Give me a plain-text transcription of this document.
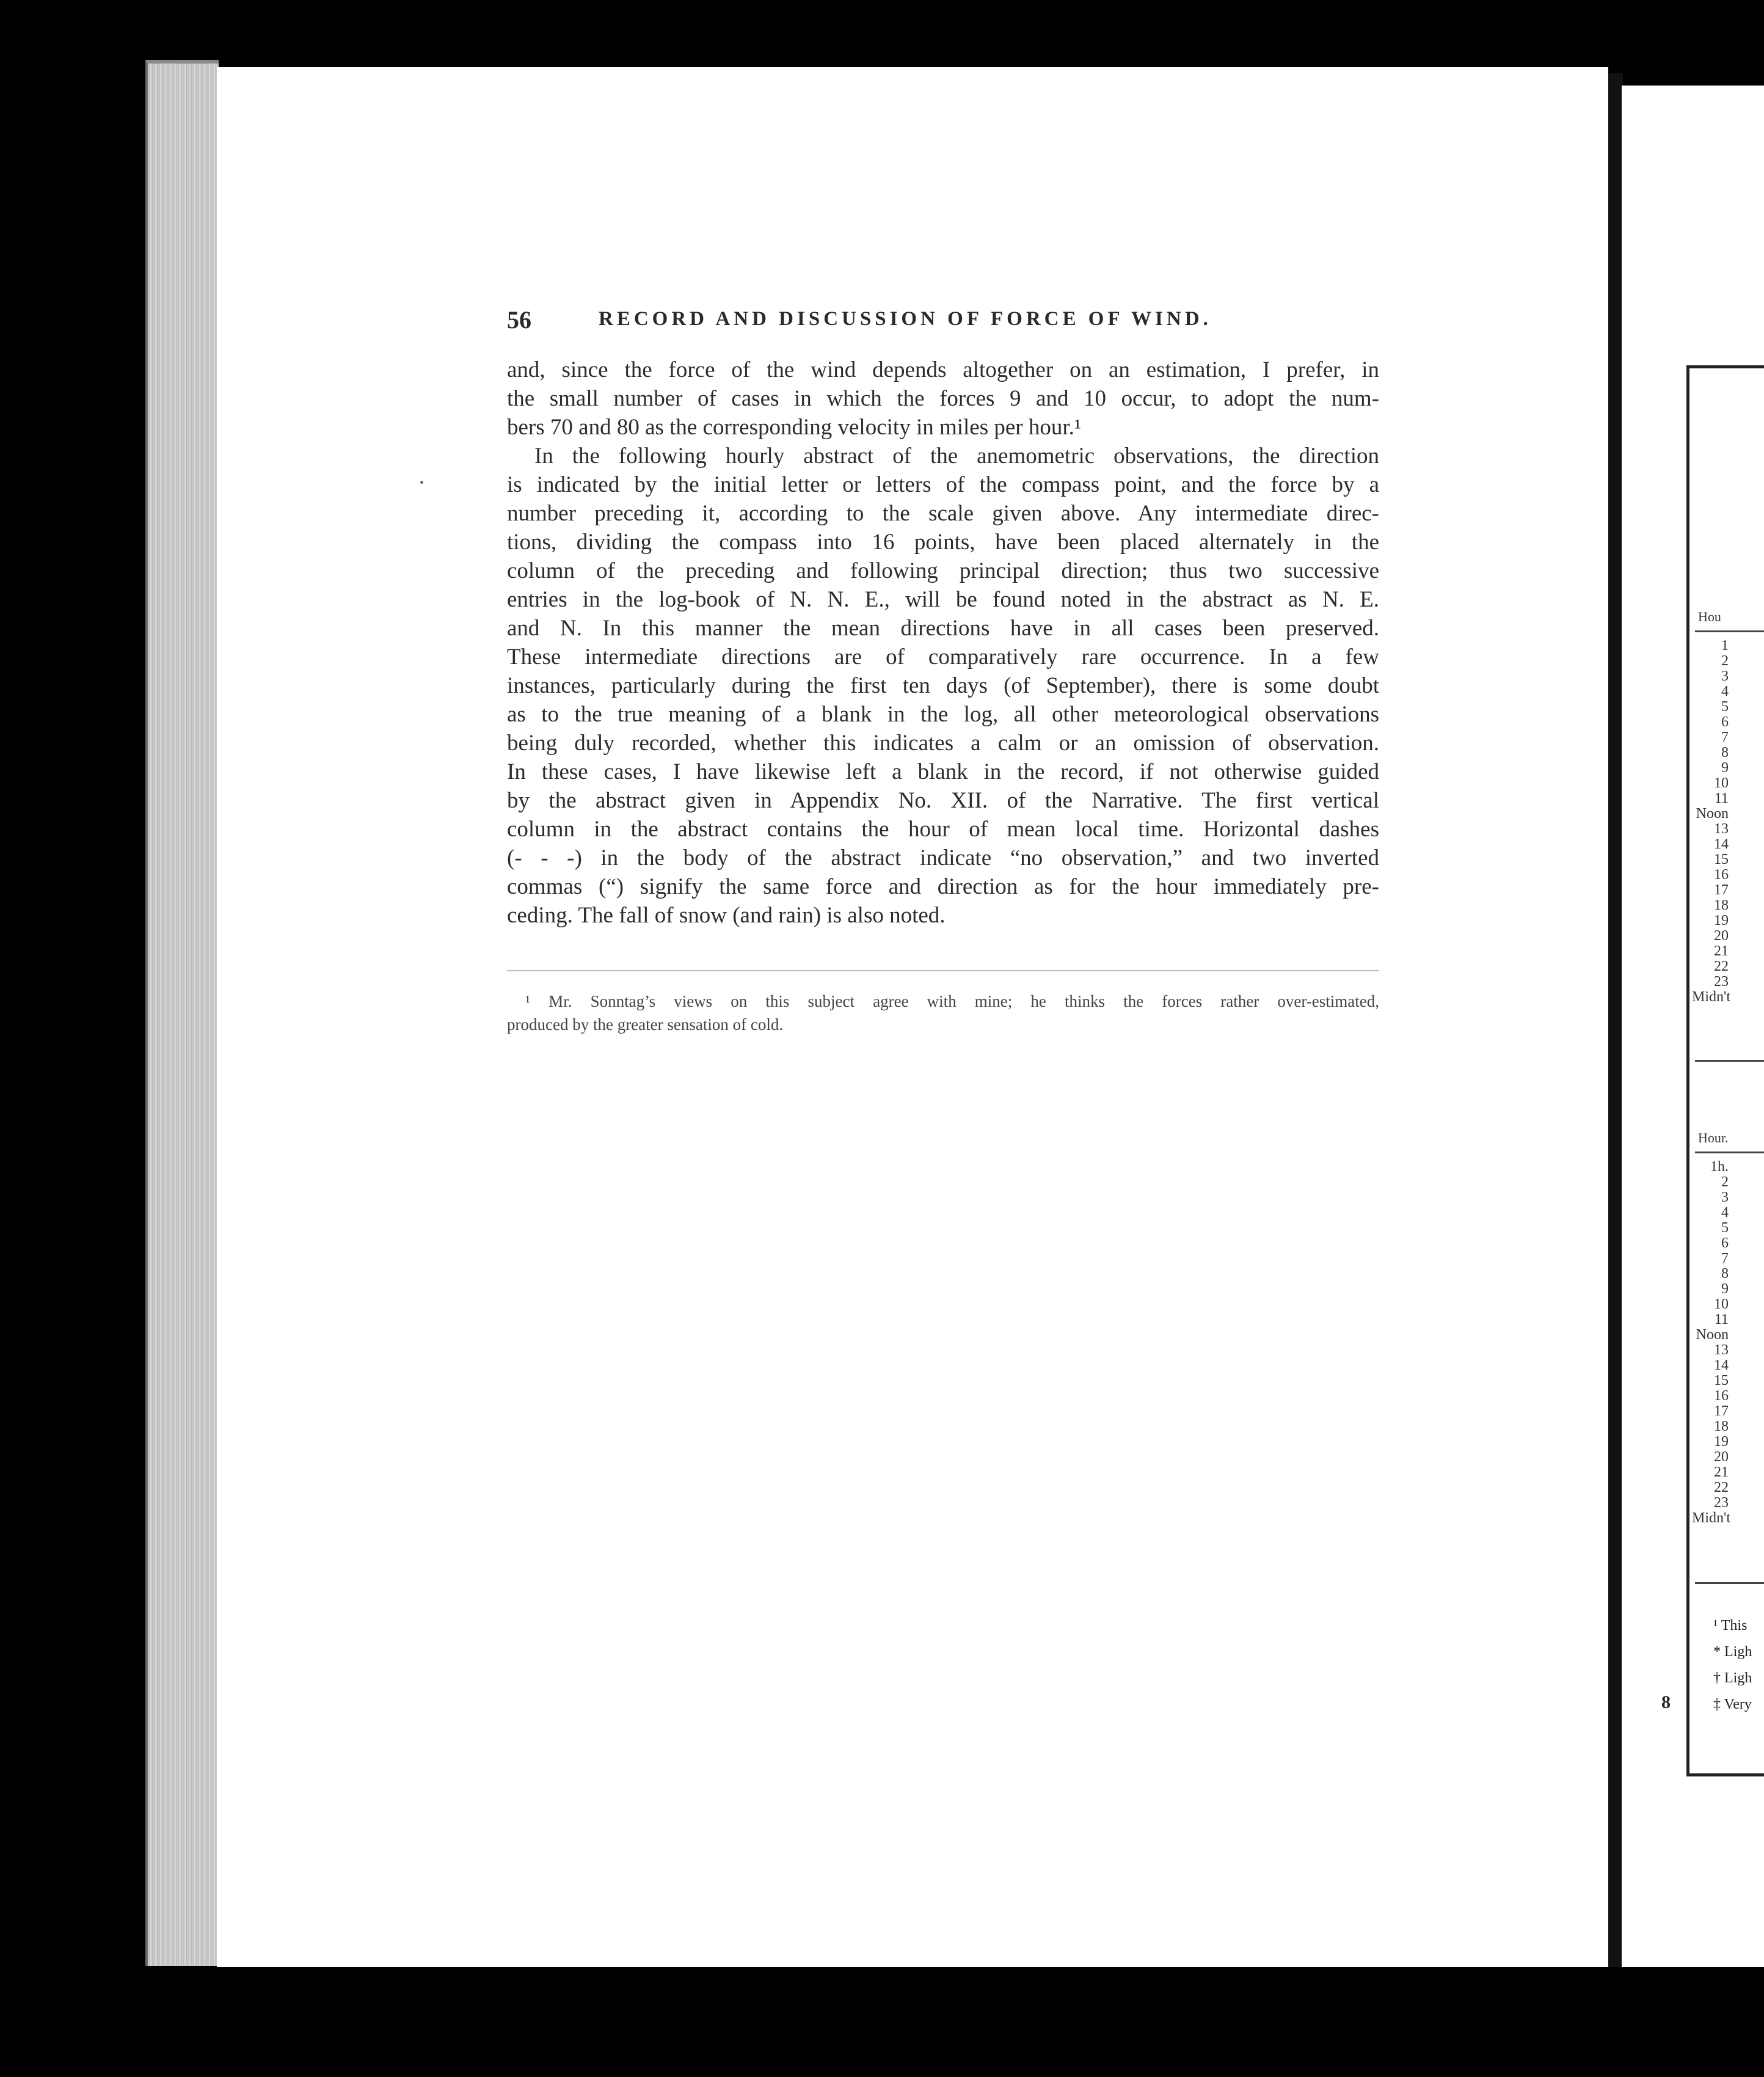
56	RECORD AND DISCUSSION OF FORCE OF WIND.
and, since the force of the wind depends altogether on an estimation, I prefer, in
the small number of cases in which the forces 9 and 10 occur, to adopt the num-
bers 70 and 80 as the corresponding velocity in miles per hour.¹
In the following hourly abstract of the anemometric observations, the direction
is indicated by the initial letter or letters of the compass point, and the force by a
number preceding it, according to the scale given above. Any intermediate direc-
tions, dividing the compass into 16 points, have been placed alternately in the
column of the preceding and following principal direction; thus two successive
entries in the log-book of N. N. E., will be found noted in the abstract as N. E.
and N. In this manner the mean directions have in all cases been preserved.
These intermediate directions are of comparatively rare occurrence. In a few
instances, particularly during the first ten days (of September), there is some doubt
as to the true meaning of a blank in the log, all other meteorological observations
being duly recorded, whether this indicates a calm or an omission of observation.
In these cases, I have likewise left a blank in the record, if not otherwise guided
by the abstract given in Appendix No. XII. of the Narrative. The first vertical
column in the abstract contains the hour of mean local time. Horizontal dashes
(- - -) in the body of the abstract indicate “no observation,” and two inverted
commas (“) signify the same force and direction as for the hour immediately pre-
ceding. The fall of snow (and rain) is also noted.
¹ Mr. Sonntag’s views on this subject agree with mine; he thinks the forces rather over-estimated,
produced by the greater sensation of cold.
Hou
1
2
3
4
5
6
7
8
9
10
11
Noon
13
14
15
16
17
18
19
20
21
22
23
Midn't
Hour.
1h.
2
3
4
5
6
7
8
9
10
11
Noon
13
14
15
16
17
18
19
20
21
22
23
Midn't
¹ This
* Ligh
† Ligh
‡ Very
8
